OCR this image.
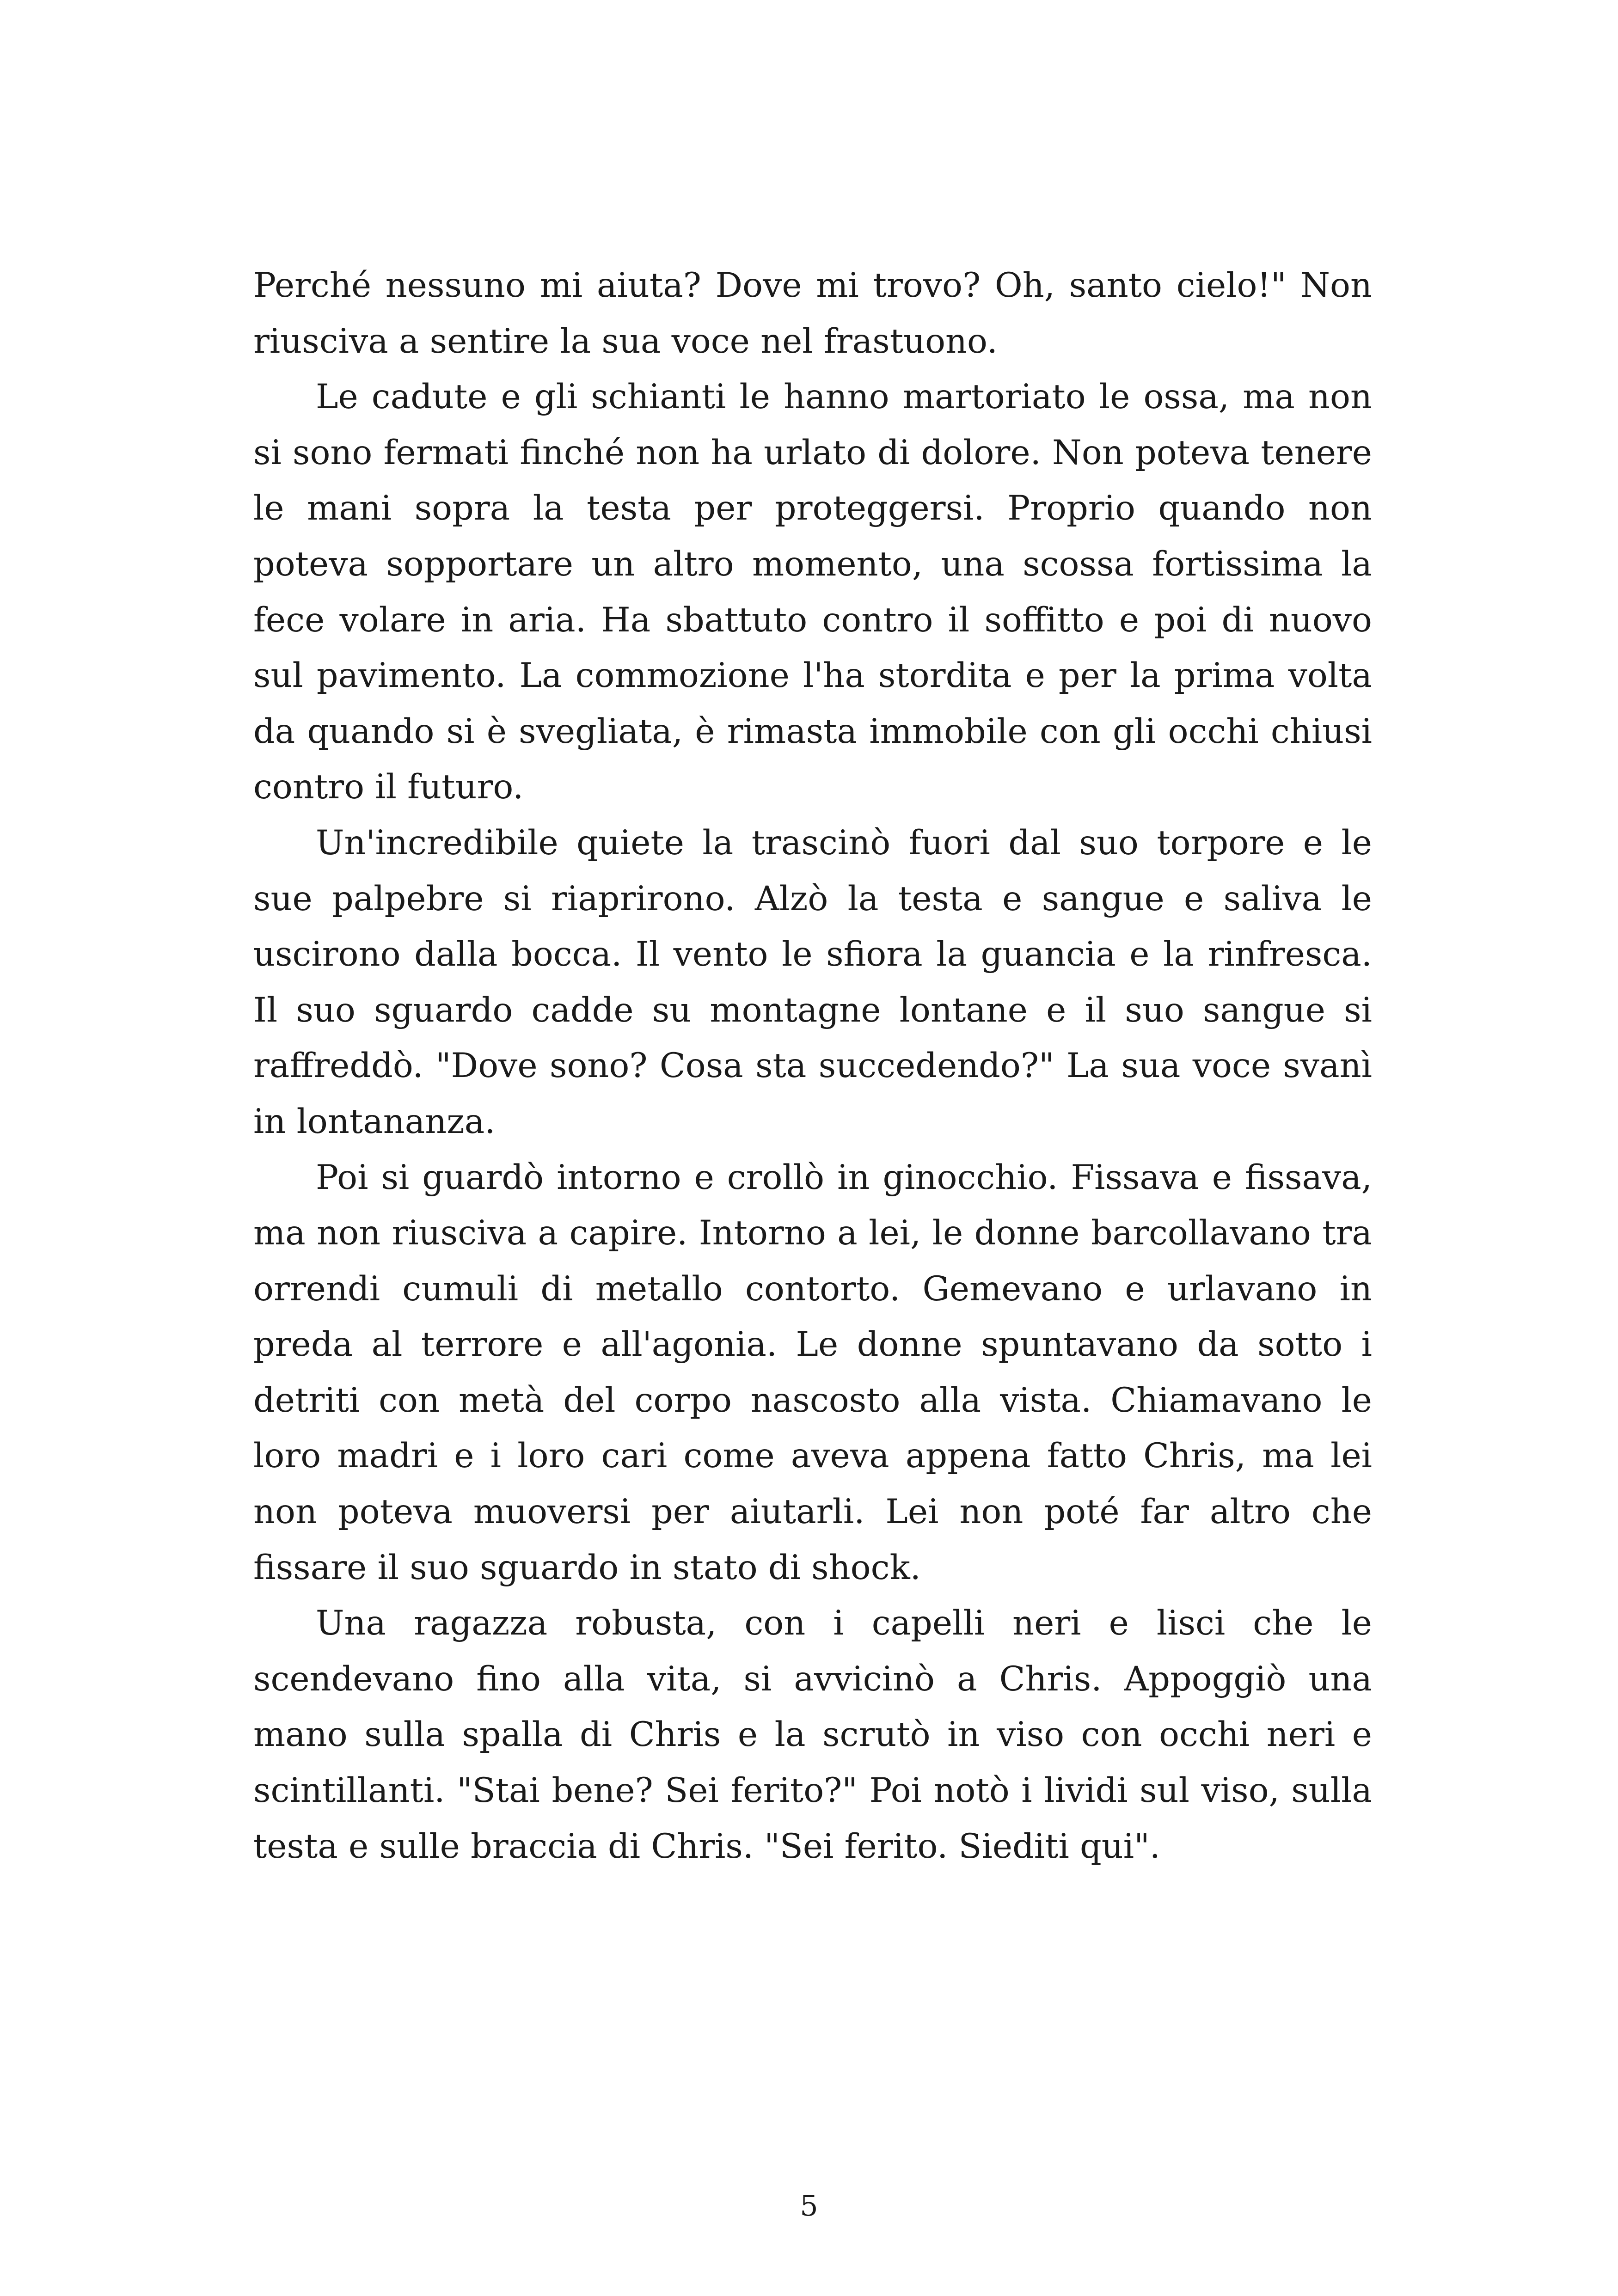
Perché nessuno mi aiuta? Dove mi trovo? Oh, santo cielo!" Non riusciva a sentire la sua voce nel frastuono.

Le cadute e gli schianti le hanno martoriato le ossa, ma non si sono fermati finché non ha urlato di dolore. Non poteva tenere le mani sopra la testa per proteggersi. Proprio quando non poteva sopportare un altro momento, una scossa fortissima la fece volare in aria. Ha sbattuto contro il soffitto e poi di nuovo sul pavimento. La commozione l'ha stordita e per la prima volta da quando si è svegliata, è rimasta immobile con gli occhi chiusi contro il futuro.

Un'incredibile quiete la trascinò fuori dal suo torpore e le sue palpebre si riaprirono. Alzò la testa e sangue e saliva le uscirono dalla bocca. Il vento le sfiora la guancia e la rinfresca. Il suo sguardo cadde su montagne lontane e il suo sangue si raffreddò. "Dove sono? Cosa sta succedendo?" La sua voce svanì in lontananza.

Poi si guardò intorno e crollò in ginocchio. Fissava e fissava, ma non riusciva a capire. Intorno a lei, le donne barcollavano tra orrendi cumuli di metallo contorto. Gemevano e urlavano in preda al terrore e all'agonia. Le donne spuntavano da sotto i detriti con metà del corpo nascosto alla vista. Chiamavano le loro madri e i loro cari come aveva appena fatto Chris, ma lei non poteva muoversi per aiutarli. Lei non poté far altro che fissare il suo sguardo in stato di shock.

Una ragazza robusta, con i capelli neri e lisci che le scendevano fino alla vita, si avvicinò a Chris. Appoggiò una mano sulla spalla di Chris e la scrutò in viso con occhi neri e scintillanti. "Stai bene? Sei ferito?" Poi notò i lividi sul viso, sulla testa e sulle braccia di Chris. "Sei ferito. Siediti qui".

5
